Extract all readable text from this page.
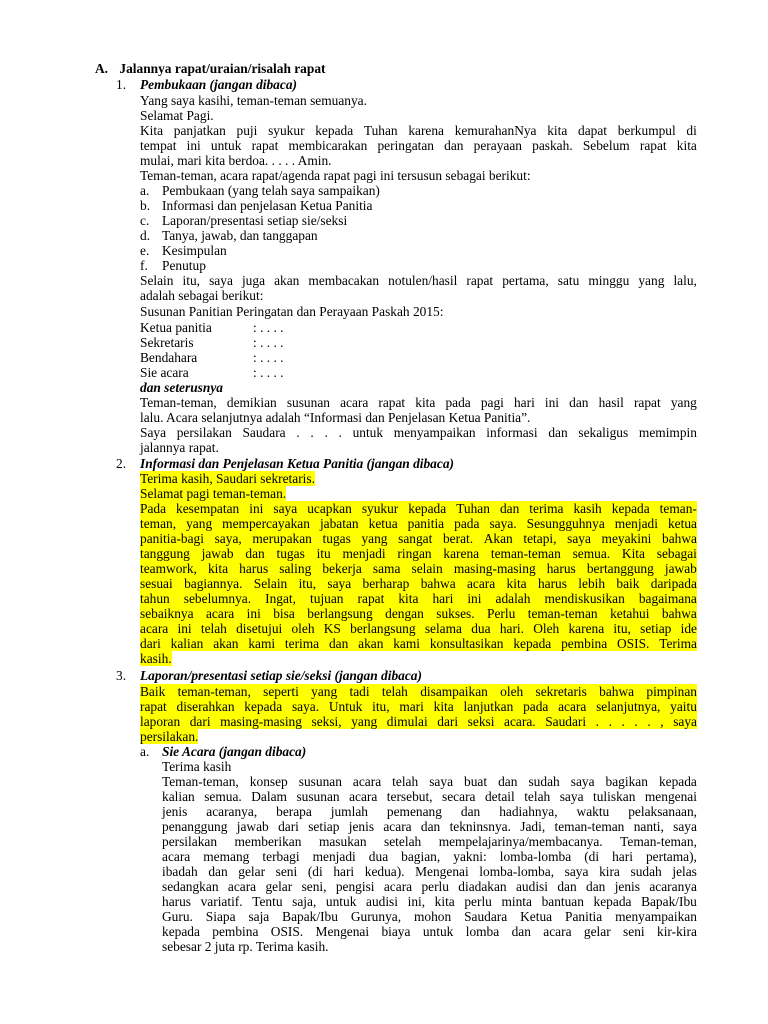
A. Jalannya rapat/uraian/risalah rapat
1. Pembukaan (jangan dibaca)
Yang saya kasihi, teman-teman semuanya.
Selamat Pagi.
Kita panjatkan puji syukur kepada Tuhan karena kemurahanNya kita dapat berkumpul di
tempat ini untuk rapat membicarakan peringatan dan perayaan paskah. Sebelum rapat kita
mulai, mari kita berdoa. . . . . Amin.
Teman-teman, acara rapat/agenda rapat pagi ini tersusun sebagai berikut:
a. Pembukaan (yang telah saya sampaikan)
b. Informasi dan penjelasan Ketua Panitia
c. Laporan/presentasi setiap sie/seksi
d. Tanya, jawab, dan tanggapan
e. Kesimpulan
f. Penutup
Selain itu, saya juga akan membacakan notulen/hasil rapat pertama, satu minggu yang lalu,
adalah sebagai berikut:
Susunan Panitian Peringatan dan Perayaan Paskah 2015:
Ketua panitia	: . . . .
Sekretaris	: . . . .
Bendahara	: . . . .
Sie acara	: . . . .
dan seterusnya
Teman-teman, demikian susunan acara rapat kita pada pagi hari ini dan hasil rapat yang
lalu. Acara selanjutnya adalah “Informasi dan Penjelasan Ketua Panitia”.
Saya persilakan Saudara . . . . untuk menyampaikan informasi dan sekaligus memimpin
jalannya rapat.
2. Informasi dan Penjelasan Ketua Panitia (jangan dibaca)
Terima kasih, Saudari sekretaris.
Selamat pagi teman-teman.
Pada kesempatan ini saya ucapkan syukur kepada Tuhan dan terima kasih kepada teman-
teman, yang mempercayakan jabatan ketua panitia pada saya. Sesungguhnya menjadi ketua
panitia-bagi saya, merupakan tugas yang sangat berat. Akan tetapi, saya meyakini bahwa
tanggung jawab dan tugas itu menjadi ringan karena teman-teman semua. Kita sebagai
teamwork, kita harus saling bekerja sama selain masing-masing harus bertanggung jawab
sesuai bagiannya. Selain itu, saya berharap bahwa acara kita harus lebih baik daripada
tahun sebelumnya. Ingat, tujuan rapat kita hari ini adalah mendiskusikan bagaimana
sebaiknya acara ini bisa berlangsung dengan sukses. Perlu teman-teman ketahui bahwa
acara ini telah disetujui oleh KS berlangsung selama dua hari. Oleh karena itu, setiap ide
dari kalian akan kami terima dan akan kami konsultasikan kepada pembina OSIS. Terima
kasih.
3. Laporan/presentasi setiap sie/seksi (jangan dibaca)
Baik teman-teman, seperti yang tadi telah disampaikan oleh sekretaris bahwa pimpinan
rapat diserahkan kepada saya. Untuk itu, mari kita lanjutkan pada acara selanjutnya, yaitu
laporan dari masing-masing seksi, yang dimulai dari seksi acara. Saudari . . . . . , saya
persilakan.
a. Sie Acara (jangan dibaca)
Terima kasih
Teman-teman, konsep susunan acara telah saya buat dan sudah saya bagikan kepada
kalian semua. Dalam susunan acara tersebut, secara detail telah saya tuliskan mengenai
jenis acaranya, berapa jumlah pemenang dan hadiahnya, waktu pelaksanaan,
penanggung jawab dari setiap jenis acara dan tekninsnya. Jadi, teman-teman nanti, saya
persilakan memberikan masukan setelah mempelajarinya/membacanya. Teman-teman,
acara memang terbagi menjadi dua bagian, yakni: lomba-lomba (di hari pertama),
ibadah dan gelar seni (di hari kedua). Mengenai lomba-lomba, saya kira sudah jelas
sedangkan acara gelar seni, pengisi acara perlu diadakan audisi dan dan jenis acaranya
harus variatif. Tentu saja, untuk audisi ini, kita perlu minta bantuan kepada Bapak/Ibu
Guru. Siapa saja Bapak/Ibu Gurunya, mohon Saudara Ketua Panitia menyampaikan
kepada pembina OSIS. Mengenai biaya untuk lomba dan acara gelar seni kir-kira
sebesar 2 juta rp. Terima kasih.
